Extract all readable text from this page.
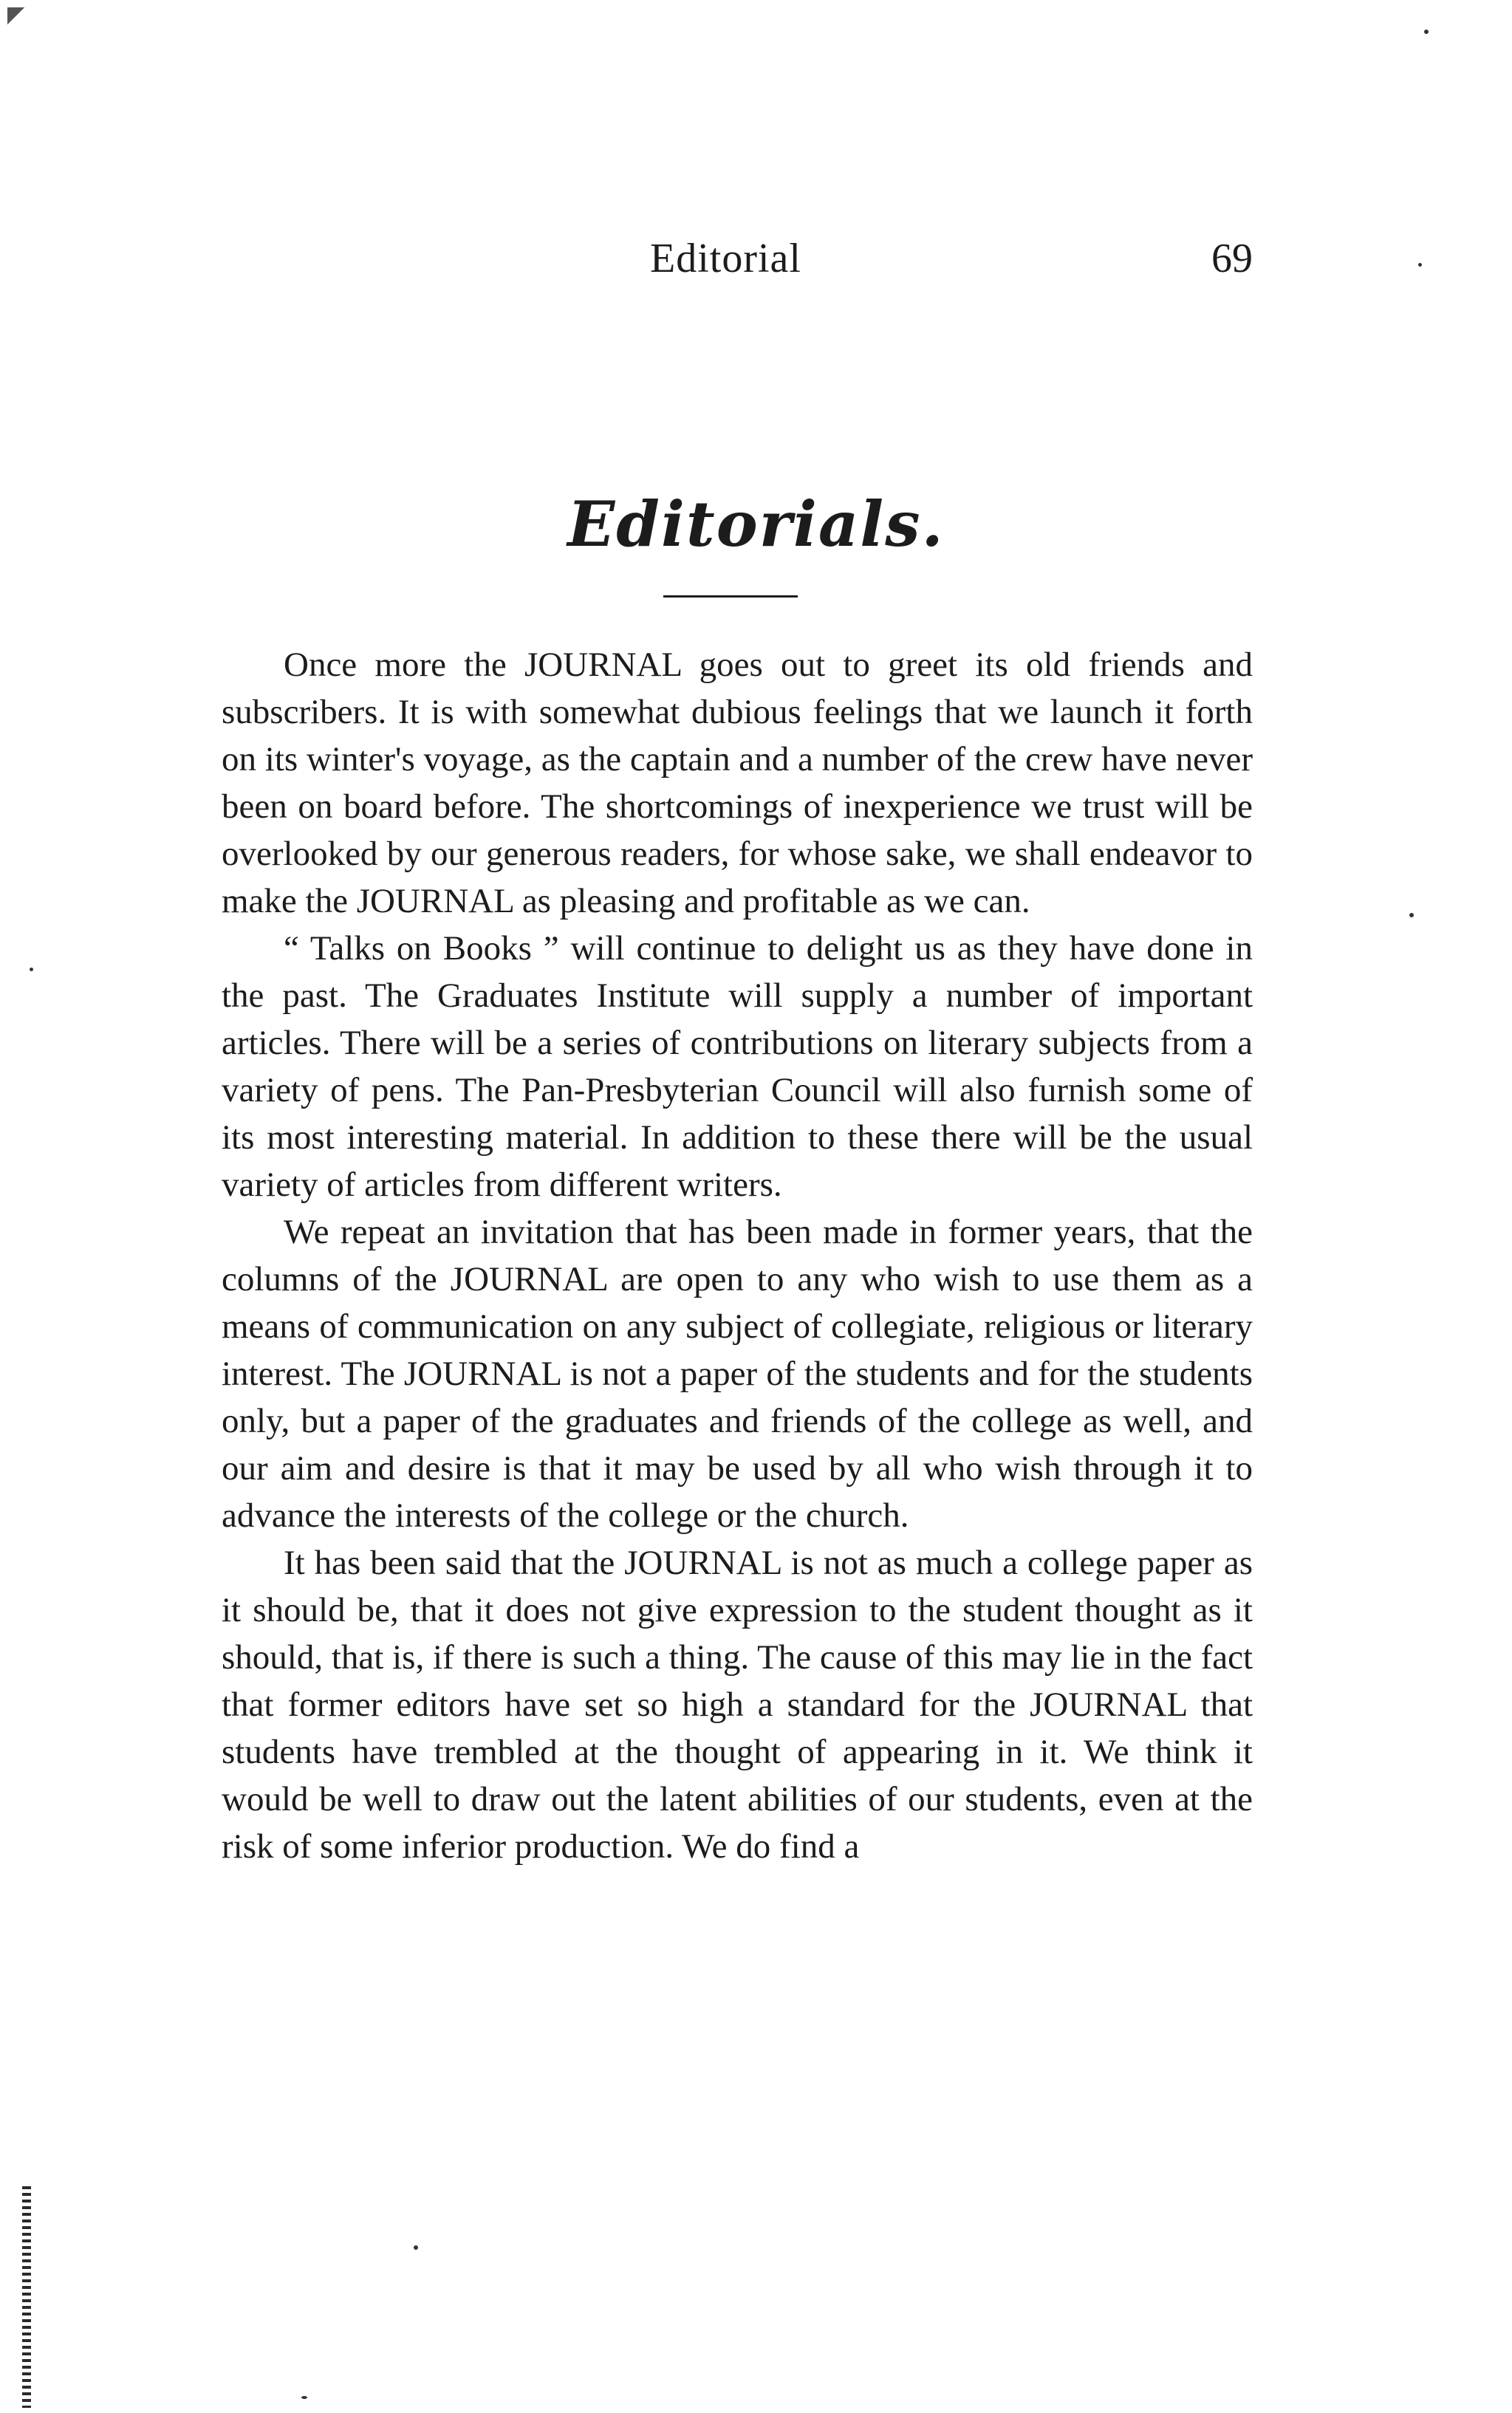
Editorial	69
Editorials.

Once more the JOURNAL goes out to greet its old friends and subscribers. It is with somewhat dubious feelings that we launch it forth on its winter's voyage, as the captain and a number of the crew have never been on board before. The shortcomings of inexperience we trust will be overlooked by our generous readers, for whose sake, we shall endeavor to make the JOURNAL as pleasing and profitable as we can.

“ Talks on Books ” will continue to delight us as they have done in the past. The Graduates Institute will supply a number of important articles. There will be a series of contributions on literary subjects from a variety of pens. The Pan-Presbyterian Council will also furnish some of its most interesting material. In addition to these there will be the usual variety of articles from different writers.

We repeat an invitation that has been made in former years, that the columns of the JOURNAL are open to any who wish to use them as a means of communication on any subject of collegiate, religious or literary interest. The JOURNAL is not a paper of the students and for the students only, but a paper of the graduates and friends of the college as well, and our aim and desire is that it may be used by all who wish through it to advance the interests of the college or the church.

It has been said that the JOURNAL is not as much a college paper as it should be, that it does not give expression to the student thought as it should, that is, if there is such a thing. The cause of this may lie in the fact that former editors have set so high a standard for the JOURNAL that students have trembled at the thought of appearing in it. We think it would be well to draw out the latent abilities of our students, even at the risk of some inferior production. We do find a
